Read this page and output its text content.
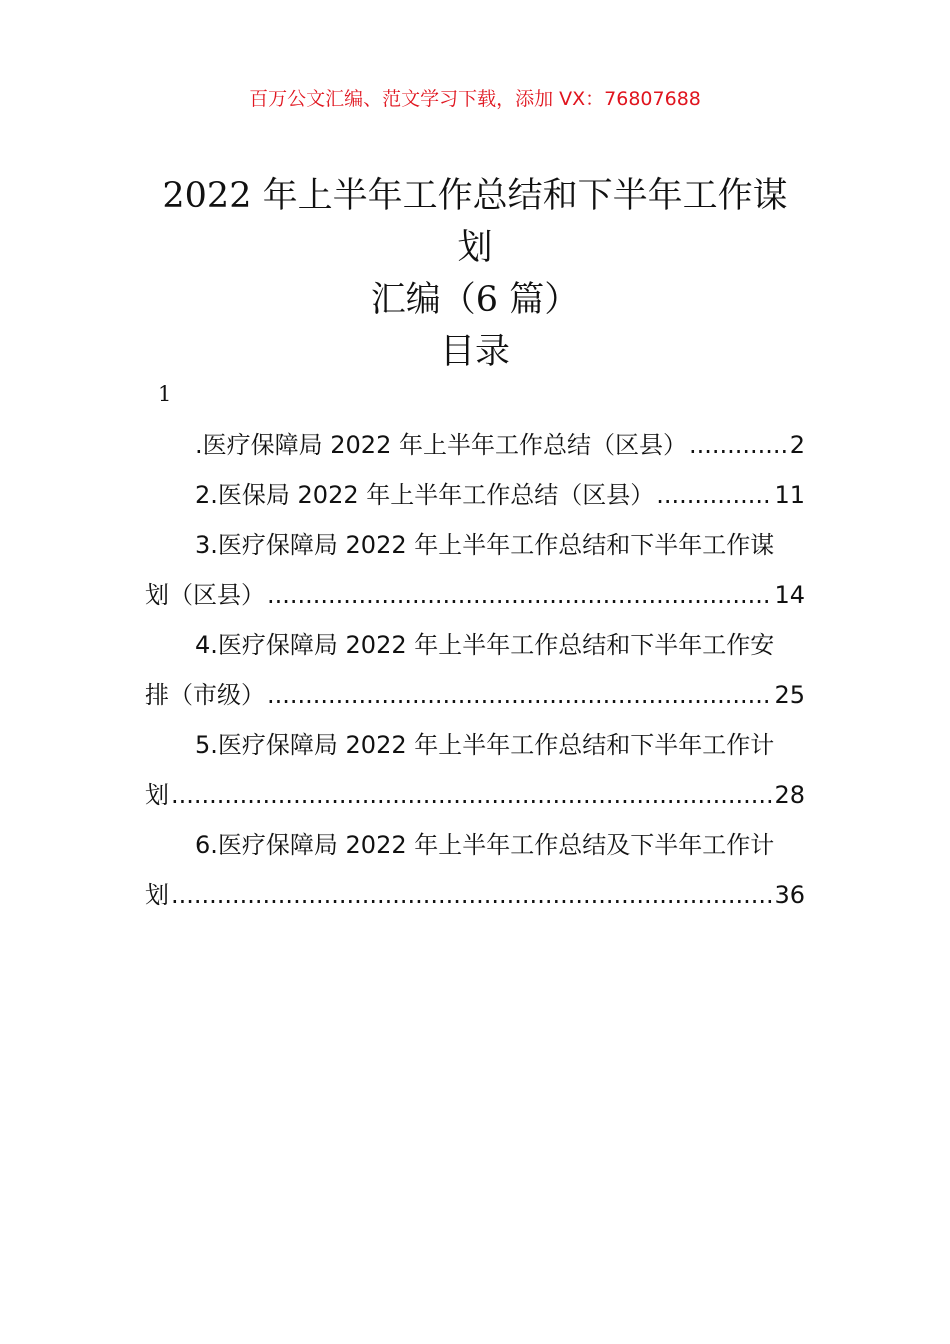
百万公文汇编、范文学习下载，添加 VX：76807688
2022 年上半年工作总结和下半年工作谋划
汇编（6 篇）
目录
1
.医疗保障局 2022 年上半年工作总结（区县） .....	2
2.医保局 2022 年上半年工作总结（区县） .....	11
3.医疗保障局 2022 年上半年工作总结和下半年工作谋
划（区县） .....	14
4.医疗保障局 2022 年上半年工作总结和下半年工作安
排（市级） .....	25
5.医疗保障局 2022 年上半年工作总结和下半年工作计
划 .....	28
6.医疗保障局 2022 年上半年工作总结及下半年工作计
划 .....	36
